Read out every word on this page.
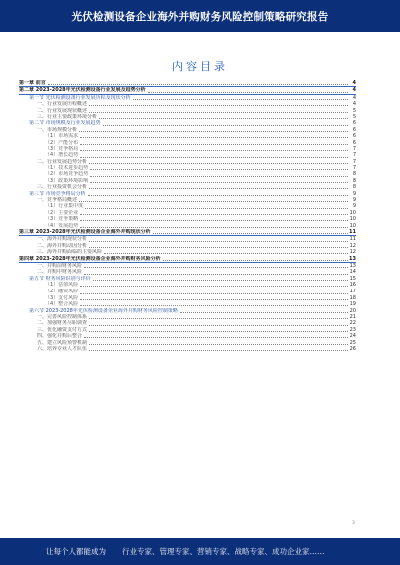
光伏检测设备企业海外并购财务风险控制策略研究报告
内容目录
第一章 前言	4
第二章 2023-2028年光伏检测设备行业发展及趋势分析	4
第一节 光伏检测设备行业发展历程及现状分析	4
一、行业发展历程概述	4
二、行业发展现状概述	5
三、行业主要政策环境分析	5
第二节 市场规模及行业发展趋势	6
一、市场规模分析	6
（1）市场需求	6
（2）产能分布	6
（3）竞争格局	7
（4）增长趋势	7
二、行业发展趋势分析	7
（1）技术进步趋势	7
（2）市场竞争趋势	8
（3）政策环境影响	8
三、行业投资机会分析	8
第三节 市场竞争格局分析	9
一、竞争格局概述	9
（1）行业集中度	9
（2）主要企业	10
（3）竞争策略	10
（4）发展趋势	10
第三章 2023-2028年光伏检测设备企业海外并购现状分析	11
一、海外并购现状分析	11
二、海外并购动因分析	12
三、海外并购面临的主要风险	12
第四章 2023-2028年光伏检测设备企业海外并购财务风险分析	13
一、并购前财务风险	13
二、并购中财务风险	14
第五节 财务风险识别与评价	15
（1）估值风险	16
（2）融资风险	17
（3）支付风险	18
（4）整合风险	19
第六节 2023-2028年光伏检测设备企业海外并购财务风险控制策略	20
一、完善风险控制体系	21
二、加强财务尽职调查	22
三、优化融资支付方式	23
四、强化并购后整合	24
五、建立风险预警机制	25
六、培养专业人才队伍	26
3
让每个人都能成为 行业专家、管理专家、营销专家、战略专家、成功企业家……
